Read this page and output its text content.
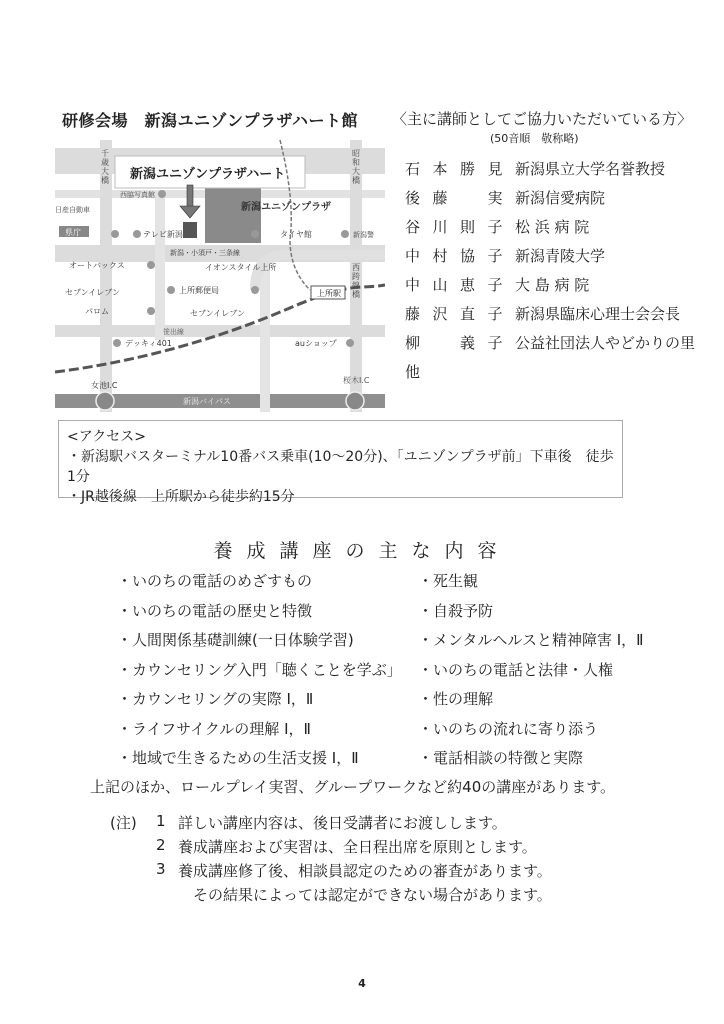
研修会場　新潟ユニゾンプラザハート館
新潟ユニゾンプラザハート
新潟ユニゾンプラザ
千
歳
大
橋
昭
和
大
橋
西
跨
線
橋
西脇写真館
日産自動車
県庁	テレビ新潟	タイヤ館	新潟警
新潟・小須戸・三条線
オートバックス	イオンスタイル上所
セブンイレブン	上所郵便局	上所駅
パロム	セブンイレブン
笹出線
デッキィ401	auショップ
女池I.C
桜木I.C
新潟バイパス
〈主に講師としてご協力いただいている方〉
(50音順　敬称略)
石 本 勝 見 新潟県立大学名誉教授
後 藤	実 新潟信愛病院
谷 川 則 子 松 浜 病 院
中 村 協 子 新潟青陵大学
中 山 恵 子 大 島 病 院
藤 沢 直 子 新潟県臨床心理士会会長
柳	義 子 公益社団法人やどかりの里
他
<アクセス>
・新潟駅バスターミナル10番バス乗車(10～20分)、「ユニゾンプラザ前」下車後　徒歩1分
・JR越後線　上所駅から徒歩約15分
養成講座の主な内容
・いのちの電話のめざすもの
・いのちの電話の歴史と特徴
・人間関係基礎訓練(一日体験学習)
・カウンセリング入門「聴くことを学ぶ」
・カウンセリングの実際 Ⅰ，Ⅱ
・ライフサイクルの理解 Ⅰ，Ⅱ
・地域で生きるための生活支援 Ⅰ，Ⅱ
・死生観
・自殺予防
・メンタルヘルスと精神障害 Ⅰ，Ⅱ
・いのちの電話と法律・人権
・性の理解
・いのちの流れに寄り添う
・電話相談の特徴と実際
上記のほか、ロールプレイ実習、グループワークなど約40の講座があります。
(注)	1 詳しい講座内容は、後日受講者にお渡しします。
2 養成講座および実習は、全日程出席を原則とします。
3 養成講座修了後、相談員認定のための審査があります。
　その結果によっては認定ができない場合があります。
4
